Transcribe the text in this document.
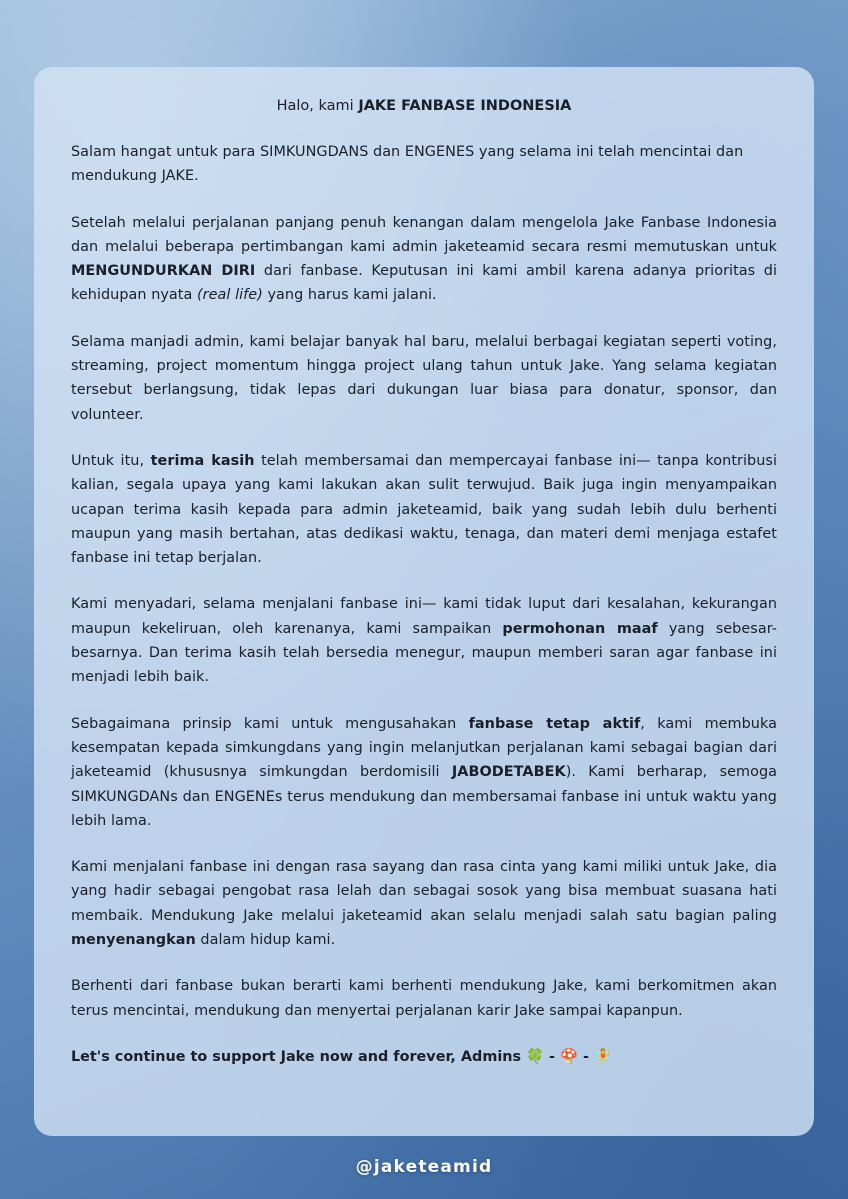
Halo, kami JAKE FANBASE INDONESIA

Salam hangat untuk para SIMKUNGDANS dan ENGENES yang selama ini telah mencintai dan mendukung JAKE.

Setelah melalui perjalanan panjang penuh kenangan dalam mengelola Jake Fanbase Indonesia dan melalui beberapa pertimbangan kami admin jaketeamid secara resmi memutuskan untuk MENGUNDURKAN DIRI dari fanbase. Keputusan ini kami ambil karena adanya prioritas di kehidupan nyata (real life) yang harus kami jalani.

Selama manjadi admin, kami belajar banyak hal baru, melalui berbagai kegiatan seperti voting, streaming, project momentum hingga project ulang tahun untuk Jake. Yang selama kegiatan tersebut berlangsung, tidak lepas dari dukungan luar biasa para donatur, sponsor, dan volunteer.

Untuk itu, terima kasih telah membersamai dan mempercayai fanbase ini— tanpa kontribusi kalian, segala upaya yang kami lakukan akan sulit terwujud. Baik juga ingin menyampaikan ucapan terima kasih kepada para admin jaketeamid, baik yang sudah lebih dulu berhenti maupun yang masih bertahan, atas dedikasi waktu, tenaga, dan materi demi menjaga estafet fanbase ini tetap berjalan.

Kami menyadari, selama menjalani fanbase ini— kami tidak luput dari kesalahan, kekurangan maupun kekeliruan, oleh karenanya, kami sampaikan permohonan maaf yang sebesar-besarnya. Dan terima kasih telah bersedia menegur, maupun memberi saran agar fanbase ini menjadi lebih baik.

Sebagaimana prinsip kami untuk mengusahakan fanbase tetap aktif, kami membuka kesempatan kepada simkungdans yang ingin melanjutkan perjalanan kami sebagai bagian dari jaketeamid (khususnya simkungdan berdomisili JABODETABEK). Kami berharap, semoga SIMKUNGDANs dan ENGENEs terus mendukung dan membersamai fanbase ini untuk waktu yang lebih lama.

Kami menjalani fanbase ini dengan rasa sayang dan rasa cinta yang kami miliki untuk Jake, dia yang hadir sebagai pengobat rasa lelah dan sebagai sosok yang bisa membuat suasana hati membaik. Mendukung Jake melalui jaketeamid akan selalu menjadi salah satu bagian paling menyenangkan dalam hidup kami.

Berhenti dari fanbase bukan berarti kami berhenti mendukung Jake, kami berkomitmen akan terus mencintai, mendukung dan menyertai perjalanan karir Jake sampai kapanpun.

Let's continue to support Jake now and forever, Admins 🍀 - 🍄 - 🧚

@jaketeamid
